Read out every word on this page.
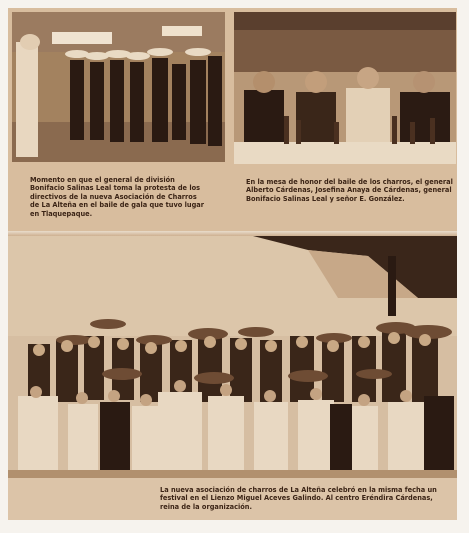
Momento en que el general de división Bonifacio Salinas Leal toma la protesta de los directivos de la nueva Asociación de Charros de La Alteña en el baile de gala que tuvo lugar en Tlaquepaque.

En la mesa de honor del baile de los charros, el general Alberto Cárdenas, Josefina Anaya de Cárdenas, general Bonifacio Salinas Leal y señor E. González.

La nueva asociación de charros de La Alteña celebró en la misma fecha un festival en el Lienzo Miguel Aceves Galindo. Al centro Eréndira Cárdenas, reina de la organización.
